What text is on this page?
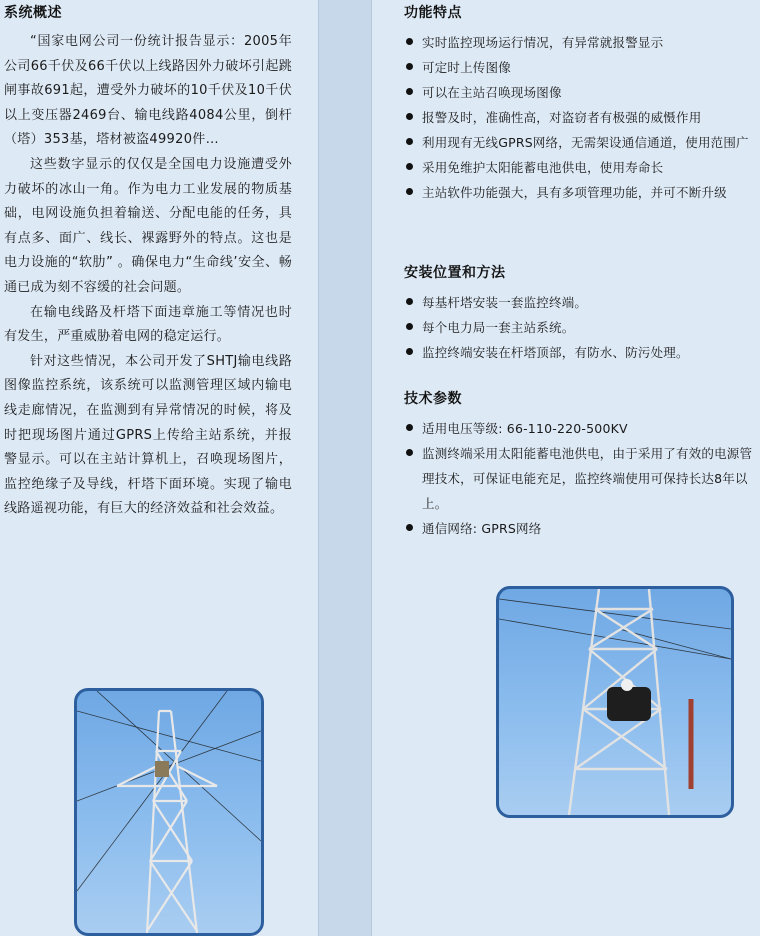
系统概述

“国家电网公司一份统计报告显示：2005年公司66千伏及66千伏以上线路因外力破坏引起跳闸事故691起，遭受外力破坏的10千伏及10千伏以上变压器2469台、输电线路4084公里，倒杆（塔）353基，塔材被盗49920件…

这些数字显示的仅仅是全国电力设施遭受外力破坏的冰山一角。作为电力工业发展的物质基础，电网设施负担着输送、分配电能的任务，具有点多、面广、线长、裸露野外的特点。这也是电力设施的“软肋” 。确保电力“生命线’安全、畅通已成为刻不容缓的社会问题。

在输电线路及杆塔下面违章施工等情况也时有发生，严重威胁着电网的稳定运行。

针对这些情况，本公司开发了SHTJ输电线路图像监控系统，该系统可以监测管理区域内输电线走廊情况，在监测到有异常情况的时候，将及时把现场图片通过GPRS上传给主站系统，并报警显示。可以在主站计算机上，召唤现场图片，监控绝缘子及导线，杆塔下面环境。实现了输电线路遥视功能，有巨大的经济效益和社会效益。

功能特点
实时监控现场运行情况，有异常就报警显示
可定时上传图像
可以在主站召唤现场图像
报警及时，准确性高，对盗窃者有极强的威慑作用
利用现有无线GPRS网络，无需架设通信通道，使用范围广
采用免维护太阳能蓄电池供电，使用寿命长
主站软件功能强大，具有多项管理功能，并可不断升级
安装位置和方法
每基杆塔安装一套监控终端。
每个电力局一套主站系统。
监控终端安装在杆塔顶部，有防水、防污处理。
技术参数
适用电压等级: 66-110-220-500KV
监测终端采用太阳能蓄电池供电，由于采用了有效的电源管理技术，可保证电能充足，监控终端使用可保持长达8年以上。
通信网络: GPRS网络
